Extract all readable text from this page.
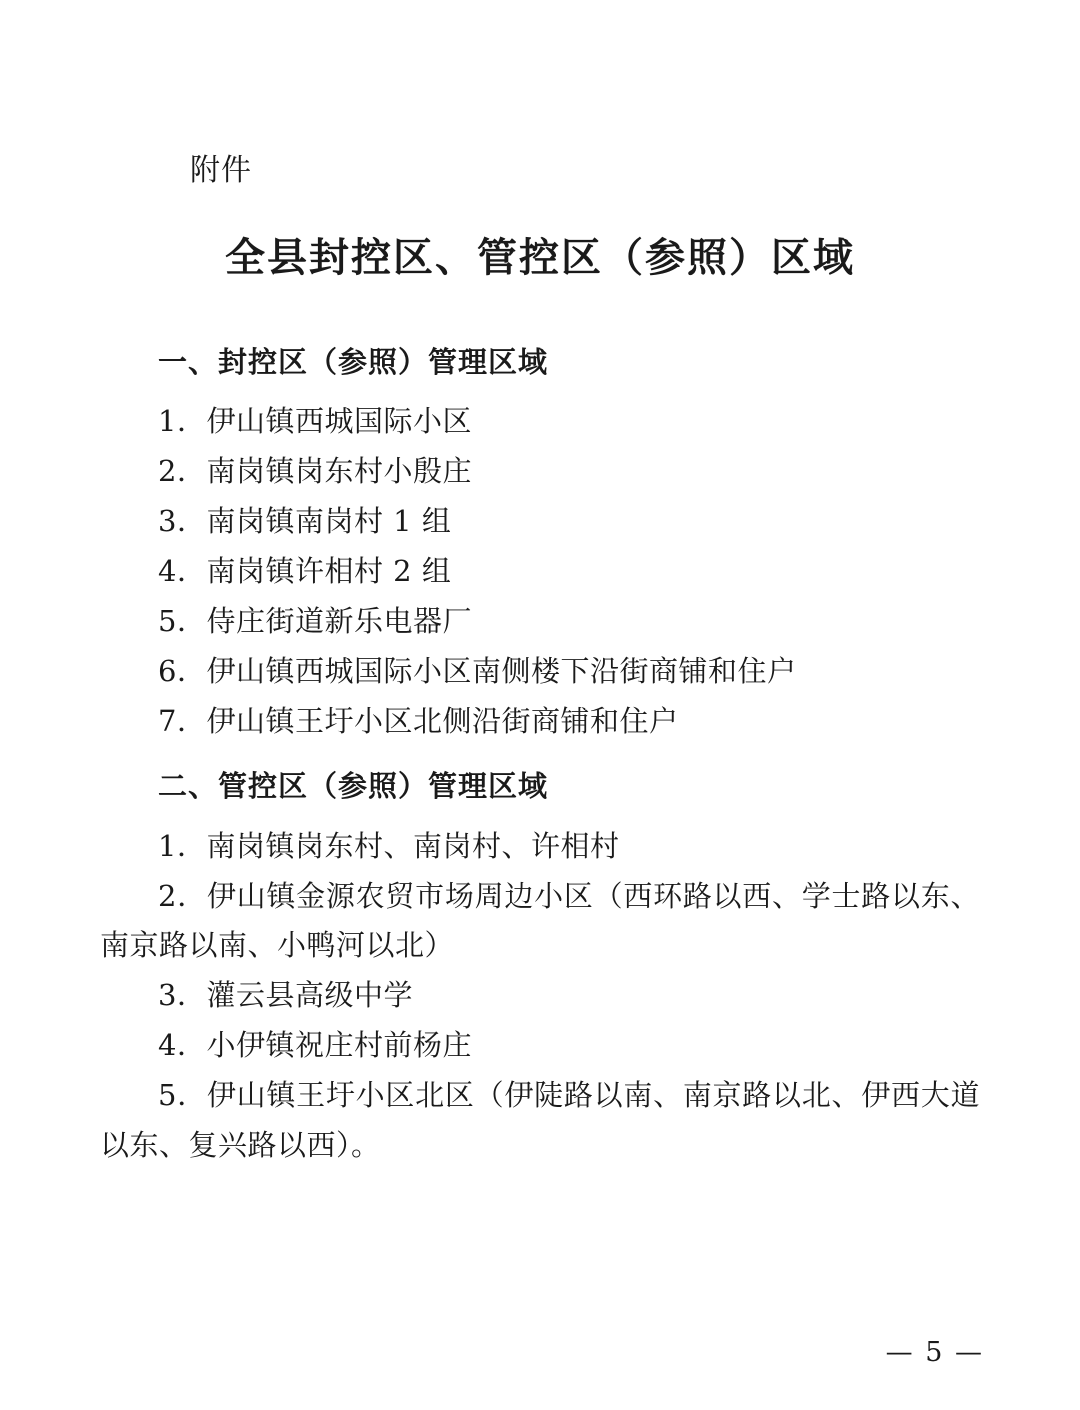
附件
全县封控区、管控区（参照）区域
一、封控区（参照）管理区域

1．伊山镇西城国际小区

2．南岗镇岗东村小殷庄

3．南岗镇南岗村 1 组

4．南岗镇许相村 2 组

5．侍庄街道新乐电器厂

6．伊山镇西城国际小区南侧楼下沿街商铺和住户

7．伊山镇王圩小区北侧沿街商铺和住户

二、管控区（参照）管理区域

1．南岗镇岗东村、南岗村、许相村

2．伊山镇金源农贸市场周边小区（西环路以西、学士路以东、南京路以南、小鸭河以北）

3．灌云县高级中学

4．小伊镇祝庄村前杨庄

5．伊山镇王圩小区北区（伊陡路以南、南京路以北、伊西大道以东、复兴路以西）。

— 5 —
